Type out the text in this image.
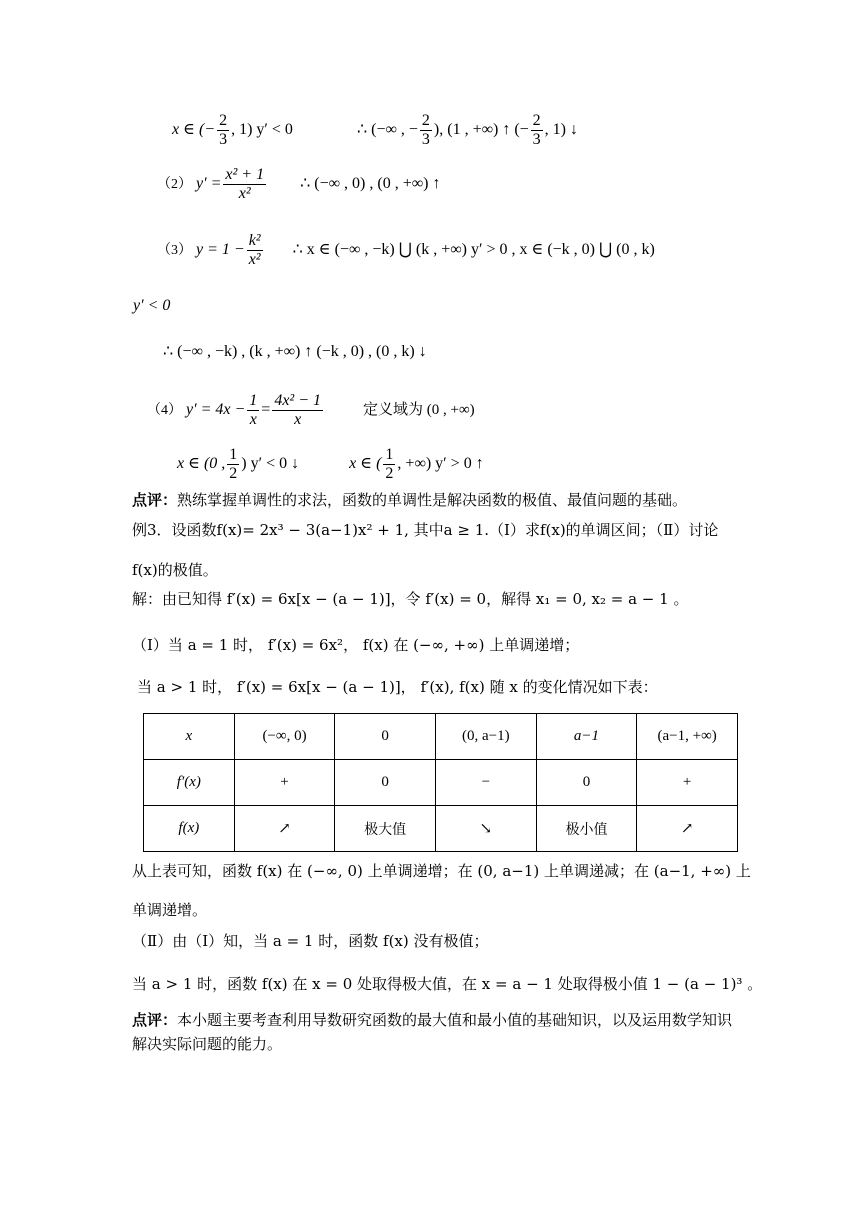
x ∈ (− $\frac{2}{3}$ , 1) y′ < 0	∴ (−∞ , − $\frac{2}{3}$ ), (1 , +∞) ↑ (− $\frac{2}{3}$ , 1) ↓
（2） $y' = \frac{\text{x² + 1}}{\text{x²}}$ ∴ (−∞ , 0) , (0 , +∞) ↑
（3） $y = 1 - \frac{\text{k²}}{\text{x²}}$ ∴ x ∈ (−∞ , −k) ⋃ (k , +∞) y′ > 0 , x ∈ (−k , 0) ⋃ (0 , k)
y′ < 0
∴ (−∞ , −k) , (k , +∞) ↑ (−k , 0) , (0 , k) ↓
（4） $y' = 4x - \frac{1}{x} = \frac{\text{4x² − 1}}{x}$	定义域为 (0 , +∞)
x ∈ (0 , $\frac{1}{2}$ ) y′ < 0 ↓	x ∈ ( $\frac{1}{2}$ , +∞) y′ > 0 ↑
点评：熟练掌握单调性的求法，函数的单调性是解决函数的极值、最值问题的基础。
例3．设函数f(x)= 2x³ − 3(a−1)x² + 1, 其中a ≥ 1.（Ⅰ）求f(x)的单调区间；（Ⅱ）讨论
f(x)的极值。
解：由已知得 f′(x) = 6x[x − (a − 1)]，令 f′(x) = 0，解得 x₁ = 0, x₂ = a − 1 。
（Ⅰ）当 a = 1 时， f′(x) = 6x²， f(x) 在 (−∞, +∞) 上单调递增；
当 a > 1 时， f′(x) = 6x[x − (a − 1)]， f′(x), f(x) 随 x 的变化情况如下表：
x	(−∞, 0)	0	(0, a−1)	a−1	(a−1, +∞)
f′(x)	+	0	−	0	+
f(x)	↗	极大值	↘	极小值	↗
从上表可知，函数 f(x) 在 (−∞, 0) 上单调递增；在 (0, a−1) 上单调递减；在 (a−1, +∞) 上
单调递增。
（Ⅱ）由（Ⅰ）知，当 a = 1 时，函数 f(x) 没有极值；
当 a > 1 时，函数 f(x) 在 x = 0 处取得极大值，在 x = a − 1 处取得极小值 1 − (a − 1)³ 。
点评：本小题主要考查利用导数研究函数的最大值和最小值的基础知识，以及运用数学知识
解决实际问题的能力。
